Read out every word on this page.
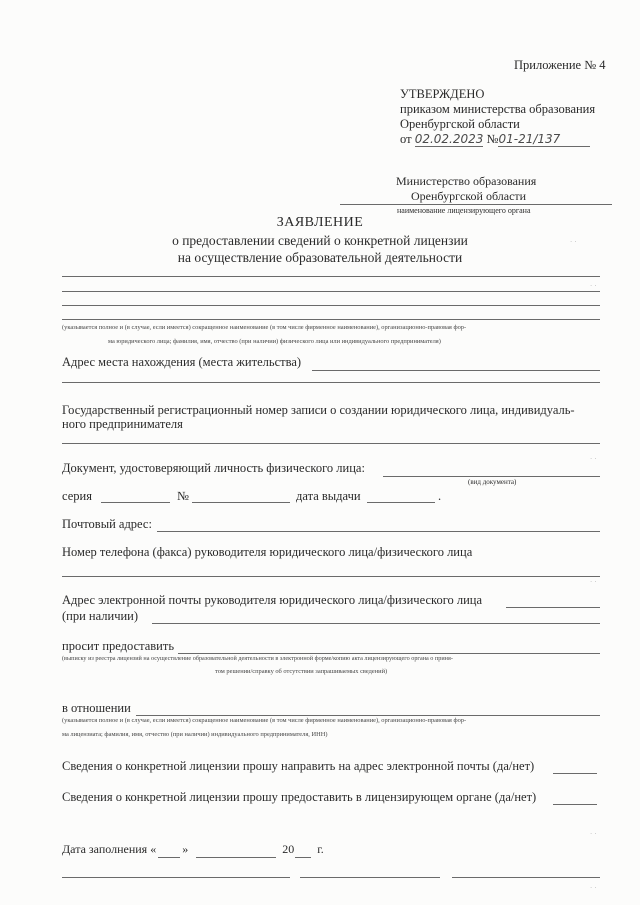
Приложение № 4
УТВЕРЖДЕНО
приказом министерства образования
Оренбургской области
от 02.02.2023 №01-21/137
Министерство образования
Оренбургской области
наименование лицензирующего органа
ЗАЯВЛЕНИЕ
о предоставлении сведений о конкретной лицензии
на осуществление образовательной деятельности
(указывается полное и (в случае, если имеется) сокращенное наименование (в том числе фирменное наименование), организационно-правовая фор-
ма юридического лица; фамилия, имя, отчество (при наличии) физического лица или индивидуального предпринимателя)
Адрес места нахождения (места жительства)
Государственный регистрационный номер записи о создании юридического лица, индивидуаль-
ного предпринимателя
Документ, удостоверяющий личность физического лица:
(вид документа)
серия	№	дата выдачи	.
Почтовый адрес:
Номер телефона (факса) руководителя юридического лица/физического лица
Адрес электронной почты руководителя юридического лица/физического лица
(при наличии)
просит предоставить
(выписку из реестра лицензий на осуществление образовательной деятельности в электронной форме/копию акта лицензирующего органа о приня-
том решении/справку об отсутствии запрашиваемых сведений)
в отношении
(указывается полное и (в случае, если имеется) сокращенное наименование (в том числе фирменное наименование), организационно-правовая фор-
ма лицензиата; фамилия, имя, отчество (при наличии) индивидуального предпринимателя, ИНН)
Сведения о конкретной лицензии прошу направить на адрес электронной почты (да/нет)
Сведения о конкретной лицензии прошу предоставить в лицензирующем органе (да/нет)
Дата заполнения « »	20 г.
· ·
· ·
· ·
· ·
· ·
· ·
